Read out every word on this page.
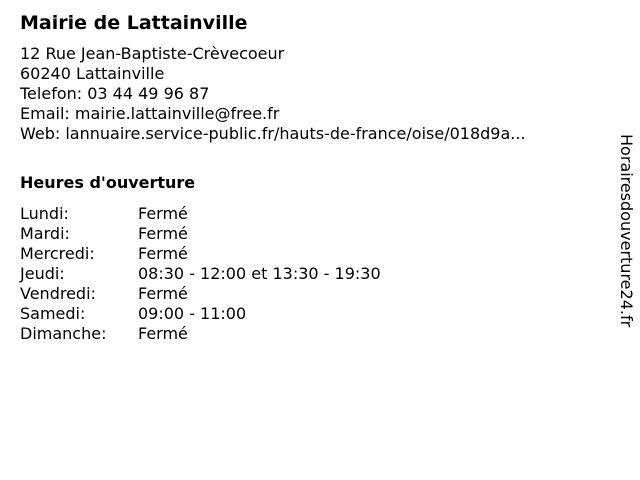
Mairie de Lattainville
12 Rue Jean-Baptiste-Crèvecoeur
60240 Lattainville
Telefon: 03 44 49 96 87
Email: mairie.lattainville@free.fr
Web: lannuaire.service-public.fr/hauts-de-france/oise/018d9a...
Heures d'ouverture
Lundi:	Fermé
Mardi:	Fermé
Mercredi:	Fermé
Jeudi:	08:30 - 12:00 et 13:30 - 19:30
Vendredi:	Fermé
Samedi:	09:00 - 11:00
Dimanche:	Fermé
Horairesdouverture24.fr
